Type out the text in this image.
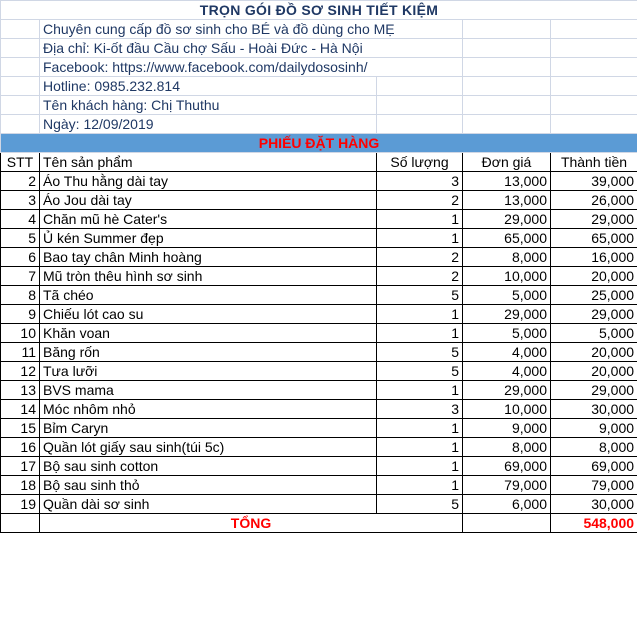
TRỌN GÓI ĐỒ SƠ SINH TIẾT KIỆM				
	Chuyên cung cấp đồ sơ sinh cho BÉ và đồ dùng cho MẸ			
	Địa chỉ: Ki-ốt đầu Cầu chợ Sấu - Hoài Đức - Hà Nội			
	Facebook: https://www.facebook.com/dailydososinh/			
	Hotline: 0985.232.814			
	Tên khách hàng: Chị Thuthu			
	Ngày: 12/09/2019			
PHIẾU ĐẶT HÀNG				
STT	Tên sản phẩm	Số lượng	Đơn giá	Thành tiền
2	Áo Thu hằng dài tay	3	13,000	39,000
3	Áo Jou dài tay	2	13,000	26,000
4	Chăn mũ hè Cater's	1	29,000	29,000
5	Ủ kén Summer đẹp	1	65,000	65,000
6	Bao tay chân Minh hoàng	2	8,000	16,000
7	Mũ tròn thêu hình sơ sinh	2	10,000	20,000
8	Tã chéo	5	5,000	25,000
9	Chiếu lót cao su	1	29,000	29,000
10	Khăn voan	1	5,000	5,000
11	Băng rốn	5	4,000	20,000
12	Tưa lưỡi	5	4,000	20,000
13	BVS mama	1	29,000	29,000
14	Móc nhôm nhỏ	3	10,000	30,000
15	Bỉm Caryn	1	9,000	9,000
16	Quần lót giấy sau sinh(túi 5c)	1	8,000	8,000
17	Bộ sau sinh cotton	1	69,000	69,000
18	Bộ sau sinh thỏ	1	79,000	79,000
19	Quần dài sơ sinh	5	6,000	30,000
	TỔNG			548,000
